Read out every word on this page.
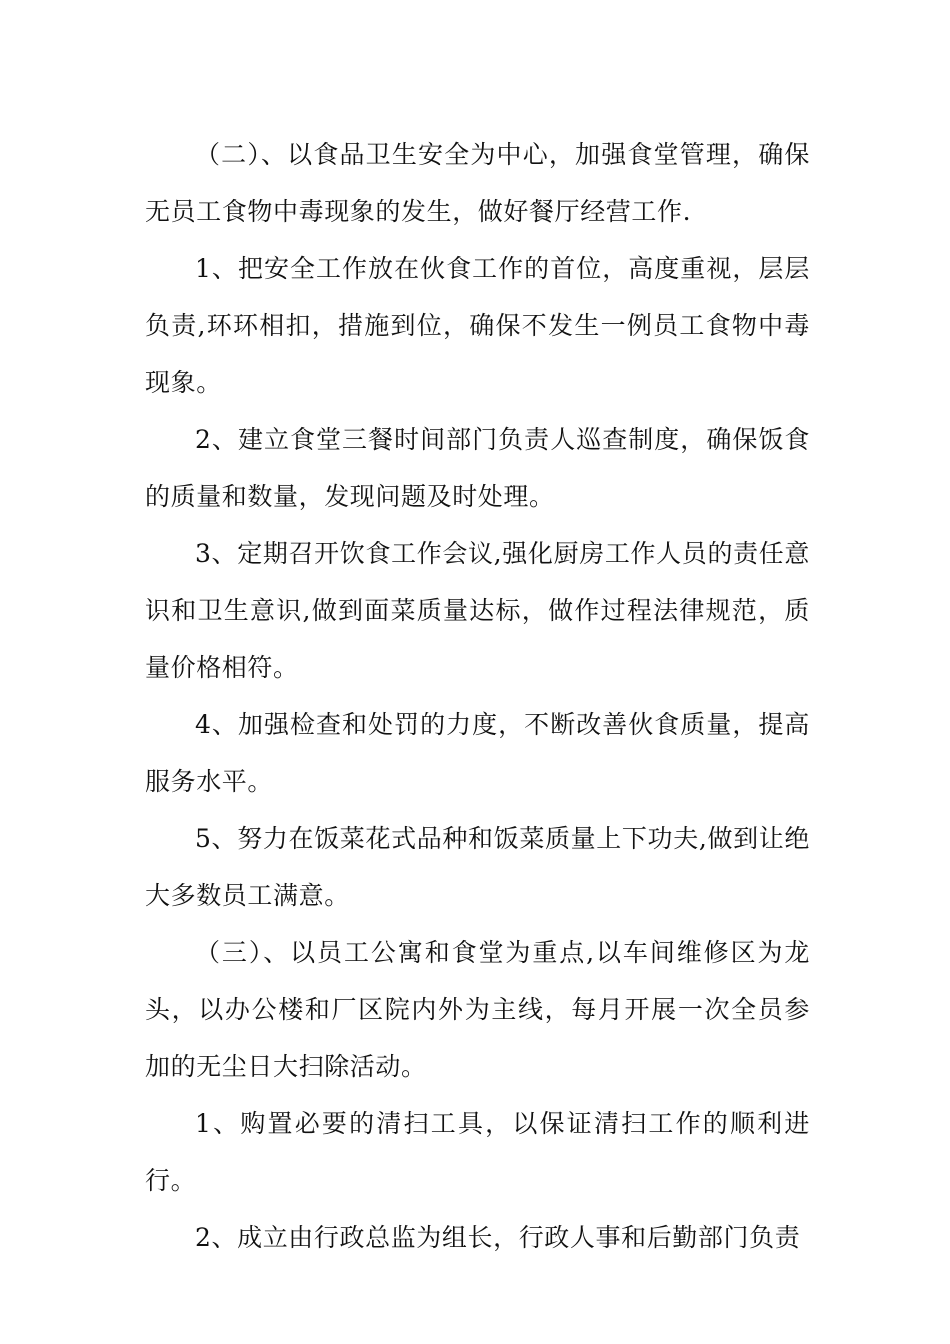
（二）、以食品卫生安全为中心，加强食堂管理，确保无员工食物中毒现象的发生，做好餐厅经营工作.

1、把安全工作放在伙食工作的首位，高度重视，层层负责,环环相扣，措施到位，确保不发生一例员工食物中毒现象。

2、建立食堂三餐时间部门负责人巡查制度，确保饭食的质量和数量，发现问题及时处理。

3、定期召开饮食工作会议,强化厨房工作人员的责任意识和卫生意识,做到面菜质量达标，做作过程法律规范，质量价格相符。

4、加强检查和处罚的力度，不断改善伙食质量，提高服务水平。

5、努力在饭菜花式品种和饭菜质量上下功夫,做到让绝大多数员工满意。

（三）、以员工公寓和食堂为重点,以车间维修区为龙头，以办公楼和厂区院内外为主线，每月开展一次全员参加的无尘日大扫除活动。

1、购置必要的清扫工具，以保证清扫工作的顺利进行。

2、成立由行政总监为组长，行政人事和后勤部门负责
